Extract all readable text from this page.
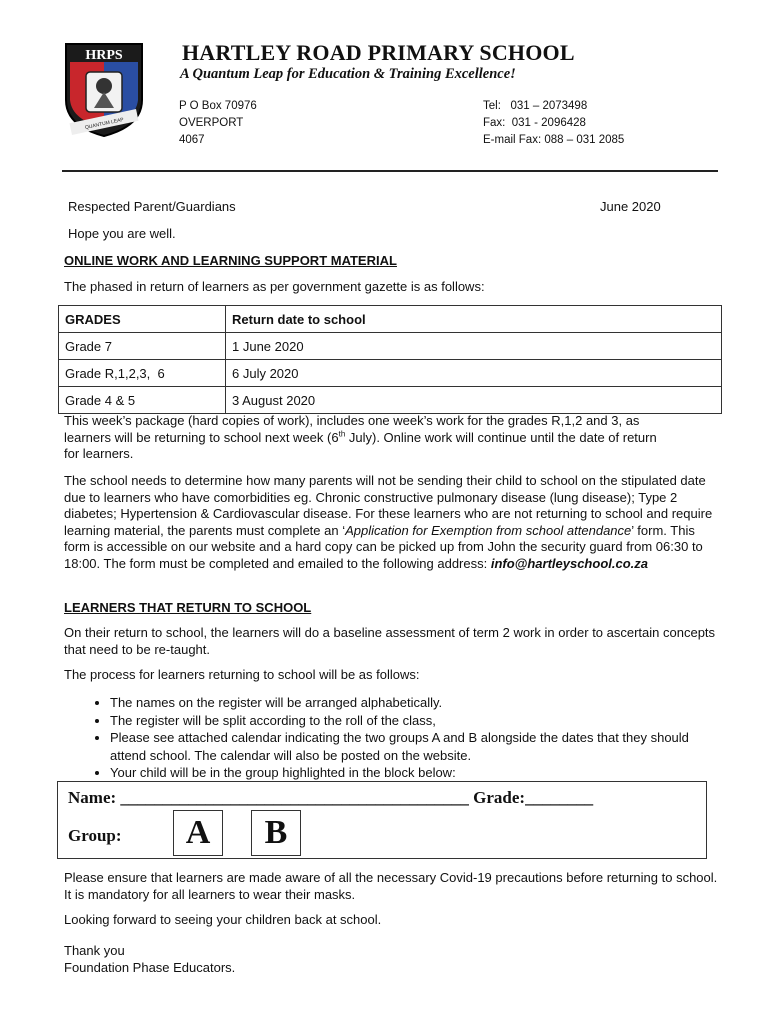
HRPS
QUANTUM LEAP
HARTLEY ROAD PRIMARY SCHOOL
A Quantum Leap for Education & Training Excellence!
P O Box 70976
OVERPORT
4067
Tel:   031 – 2073498
Fax:  031 - 2096428
E-mail Fax: 088 – 031 2085
Respected Parent/Guardians	June 2020
Hope you are well.
ONLINE WORK AND LEARNING SUPPORT MATERIAL
The phased in return of learners as per government gazette is as follows:
GRADES	Return date to school
Grade 7	1 June 2020
Grade R,1,2,3,  6	6 July 2020
Grade 4 & 5	3 August 2020
This week’s package (hard copies of work), includes one week’s work for the grades R,1,2 and 3, as
learners will be returning to school next week (6th July). Online work will continue until the date of return
for learners.

The school needs to determine how many parents will not be sending their child to school on the stipulated date due to learners who have comorbidities eg. Chronic constructive pulmonary disease (lung disease); Type 2 diabetes; Hypertension & Cardiovascular disease. For these learners who are not returning to school and require learning material, the parents must complete an ‘Application for Exemption from school attendance’ form. This form is accessible on our website and a hard copy can be picked up from John the security guard from 06:30 to 18:00. The form must be completed and emailed to the following address: info@hartleyschool.co.za

LEARNERS THAT RETURN TO SCHOOL

On their return to school, the learners will do a baseline assessment of term 2 work in order to ascertain concepts that need to be re-taught.

The process for learners returning to school will be as follows:

• The names on the register will be arranged alphabetically.
• The register will be split according to the roll of the class,
• Please see attached calendar indicating the two groups A and B alongside the dates that they should attend school. The calendar will also be posted on the website.
• Your child will be in the group highlighted in the block below:
Name: _________________________________________ Grade:________
Group:	A	B

Please ensure that learners are made aware of all the necessary Covid-19 precautions before returning to school. It is mandatory for all learners to wear their masks.

Looking forward to seeing your children back at school.

Thank you
Foundation Phase Educators.
